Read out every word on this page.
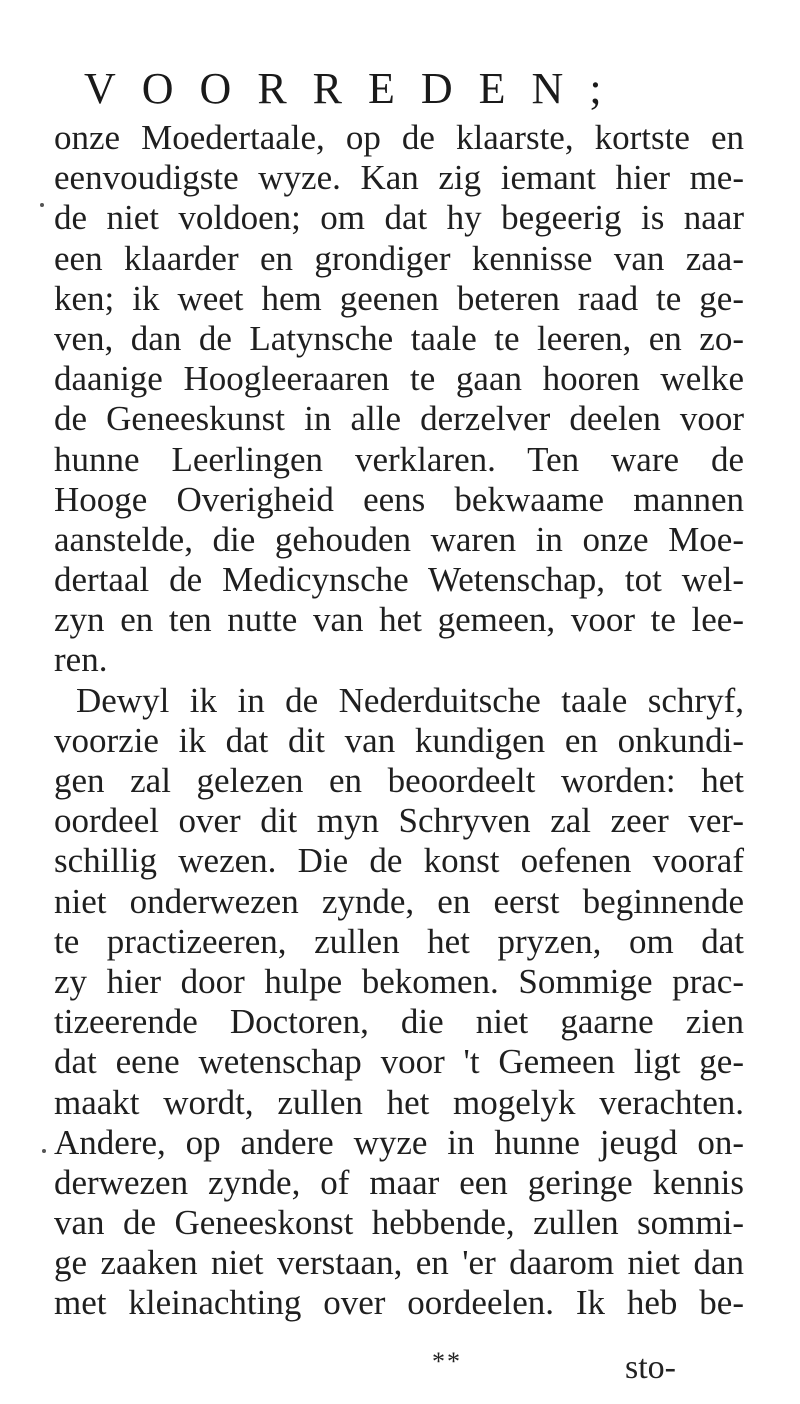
VOORREDEN;
onze Moedertaale, op de klaarste, kortste en
eenvoudigste wyze. Kan zig iemant hier me-
de niet voldoen; om dat hy begeerig is naar
een klaarder en grondiger kennisse van zaa-
ken; ik weet hem geenen beteren raad te ge-
ven, dan de Latynsche taale te leeren, en zo-
daanige Hoogleeraaren te gaan hooren welke
de Geneeskunst in alle derzelver deelen voor
hunne Leerlingen verklaren. Ten ware de
Hooge Overigheid eens bekwaame mannen
aanstelde, die gehouden waren in onze Moe-
dertaal de Medicynsche Wetenschap, tot wel-
zyn en ten nutte van het gemeen, voor te lee-
ren.
Dewyl ik in de Nederduitsche taale schryf,
voorzie ik dat dit van kundigen en onkundi-
gen zal gelezen en beoordeelt worden: het
oordeel over dit myn Schryven zal zeer ver-
schillig wezen. Die de konst oefenen vooraf
niet onderwezen zynde, en eerst beginnende
te practizeeren, zullen het pryzen, om dat
zy hier door hulpe bekomen. Sommige prac-
tizeerende Doctoren, die niet gaarne zien
dat eene wetenschap voor 't Gemeen ligt ge-
maakt wordt, zullen het mogelyk verachten.
Andere, op andere wyze in hunne jeugd on-
derwezen zynde, of maar een geringe kennis
van de Geneeskonst hebbende, zullen sommi-
ge zaaken niet verstaan, en 'er daarom niet dan
met kleinachting over oordeelen. Ik heb be-
**	sto-
